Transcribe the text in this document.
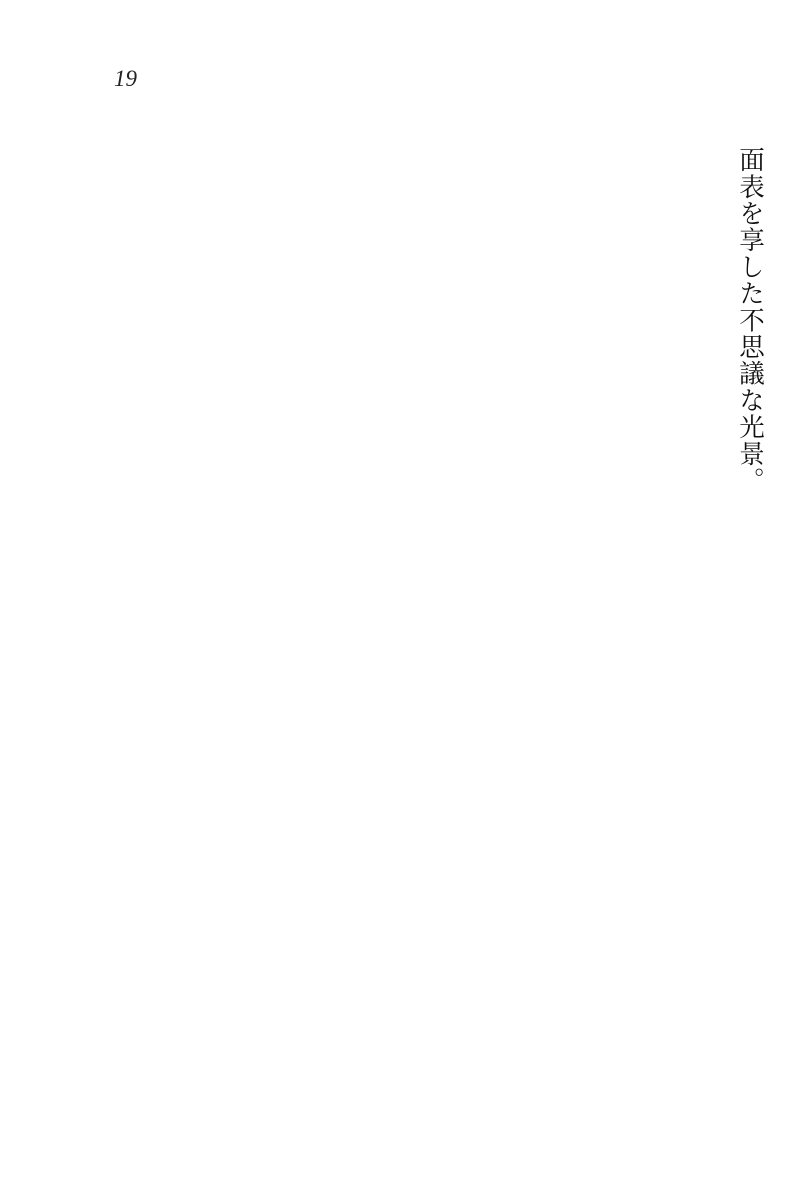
19
　面表を享した不思議な光景。
